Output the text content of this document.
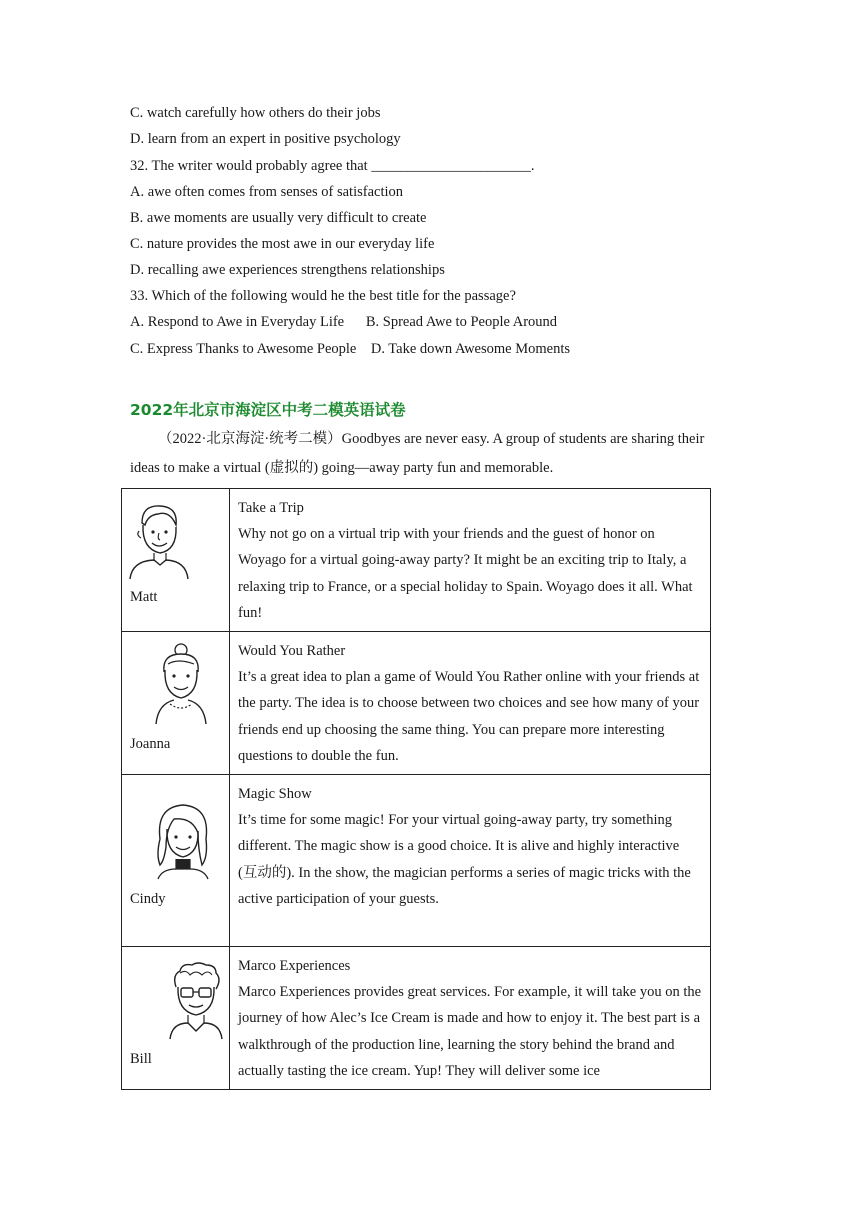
C. watch carefully how others do their jobs
D. learn from an expert in positive psychology
32. The writer would probably agree that ______________________.
A. awe often comes from senses of satisfaction
B. awe moments are usually very difficult to create
C. nature provides the most awe in our everyday life
D. recalling awe experiences strengthens relationships
33. Which of the following would he the best title for the passage?
A. Respond to Awe in Everyday Life      B. Spread Awe to People Around
C. Express Thanks to Awesome People    D. Take down Awesome Moments
2022年北京市海淀区中考二模英语试卷
（2022·北京海淀·统考二模）Goodbyes are never easy. A group of students are sharing their
ideas to make a virtual (虚拟的) going—away party fun and memorable.
Matt	Take a Trip
Why not go on a virtual trip with your friends and the guest of honor on Woyago for a virtual going-away party? It might be an exciting trip to Italy, a relaxing trip to France, or a special holiday to Spain. Woyago does it all. What fun!

Joanna	Would You Rather
It’s a great idea to plan a game of Would You Rather online with your friends at the party. The idea is to choose between two choices and see how many of your friends end up choosing the same thing. You can prepare more interesting questions to double the fun.

Cindy	Magic Show
It’s time for some magic! For your virtual going-away party, try something different. The magic show is a good choice. It is alive and highly interactive (互动的). In the show, the magician performs a series of magic tricks with the active participation of your guests.

Bill	Marco Experiences
Marco Experiences provides great services. For example, it will take you on the journey of how Alec’s Ice Cream is made and how to enjoy it. The best part is a walkthrough of the production line, learning the story behind the brand and actually tasting the ice cream. Yup! They will deliver some ice
